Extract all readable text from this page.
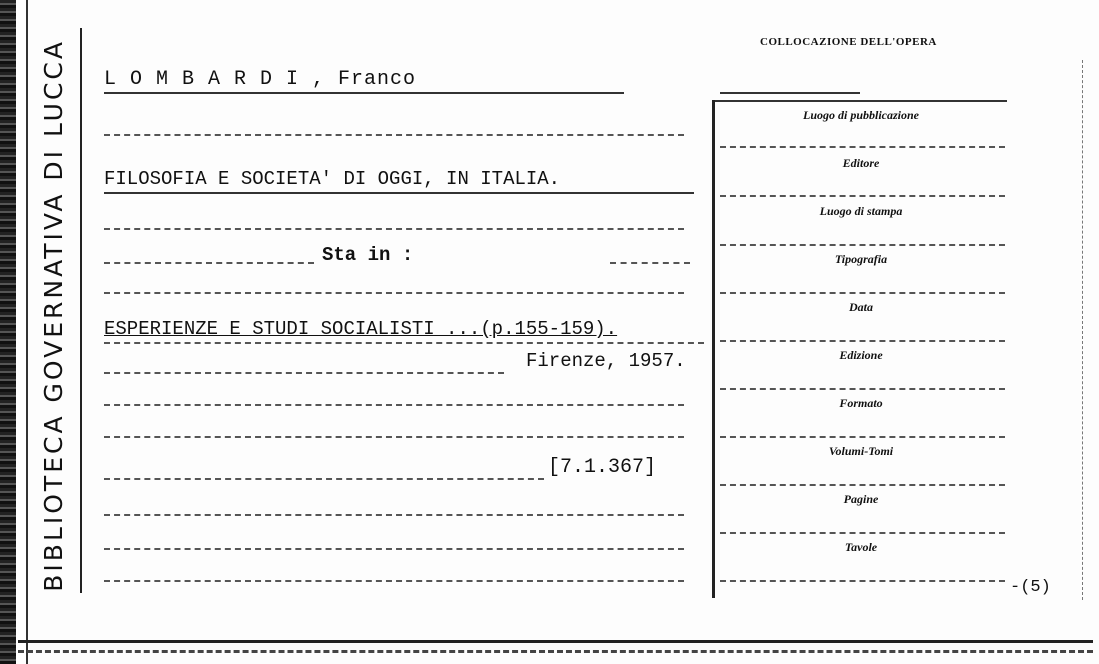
BIBLIOTECA GOVERNATIVA DI LUCCA L O M B A R D I , Franco
FILOSOFIA E SOCIETA' DI OGGI, IN ITALIA.
Sta in :
ESPERIENZE E STUDI SOCIALISTI ...(p.155-159).
Firenze, 1957.
[7.1.367]
COLLOCAZIONE DELL'OPERA
Luogo di pubblicazione
Editore
Luogo di stampa
Tipografia
Data
Edizione
Formato
Volumi-Tomi
Pagine
Tavole
-(5)
